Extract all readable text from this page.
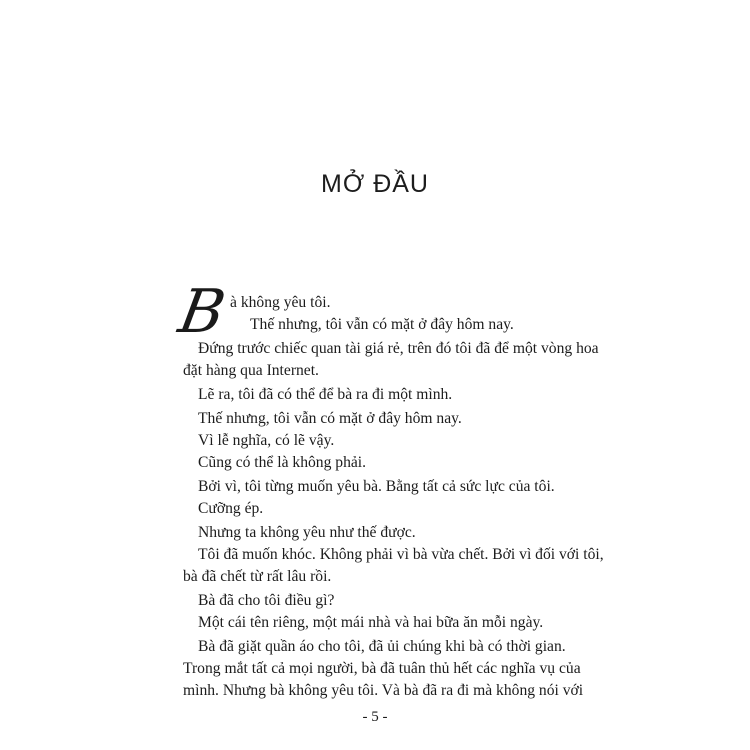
MỞ ĐẦU
B à không yêu tôi.
Thế nhưng, tôi vẫn có mặt ở đây hôm nay.
Đứng trước chiếc quan tài giá rẻ, trên đó tôi đã để một vòng hoa
đặt hàng qua Internet.
Lẽ ra, tôi đã có thể để bà ra đi một mình.
Thế nhưng, tôi vẫn có mặt ở đây hôm nay.
Vì lễ nghĩa, có lẽ vậy.
Cũng có thể là không phải.
Bởi vì, tôi từng muốn yêu bà. Bằng tất cả sức lực của tôi.
Cưỡng ép.
Nhưng ta không yêu như thế được.
Tôi đã muốn khóc. Không phải vì bà vừa chết. Bởi vì đối với tôi,
bà đã chết từ rất lâu rồi.
Bà đã cho tôi điều gì?
Một cái tên riêng, một mái nhà và hai bữa ăn mỗi ngày.
Bà đã giặt quần áo cho tôi, đã ủi chúng khi bà có thời gian.
Trong mắt tất cả mọi người, bà đã tuân thủ hết các nghĩa vụ của
mình. Nhưng bà không yêu tôi. Và bà đã ra đi mà không nói với
- 5 -
